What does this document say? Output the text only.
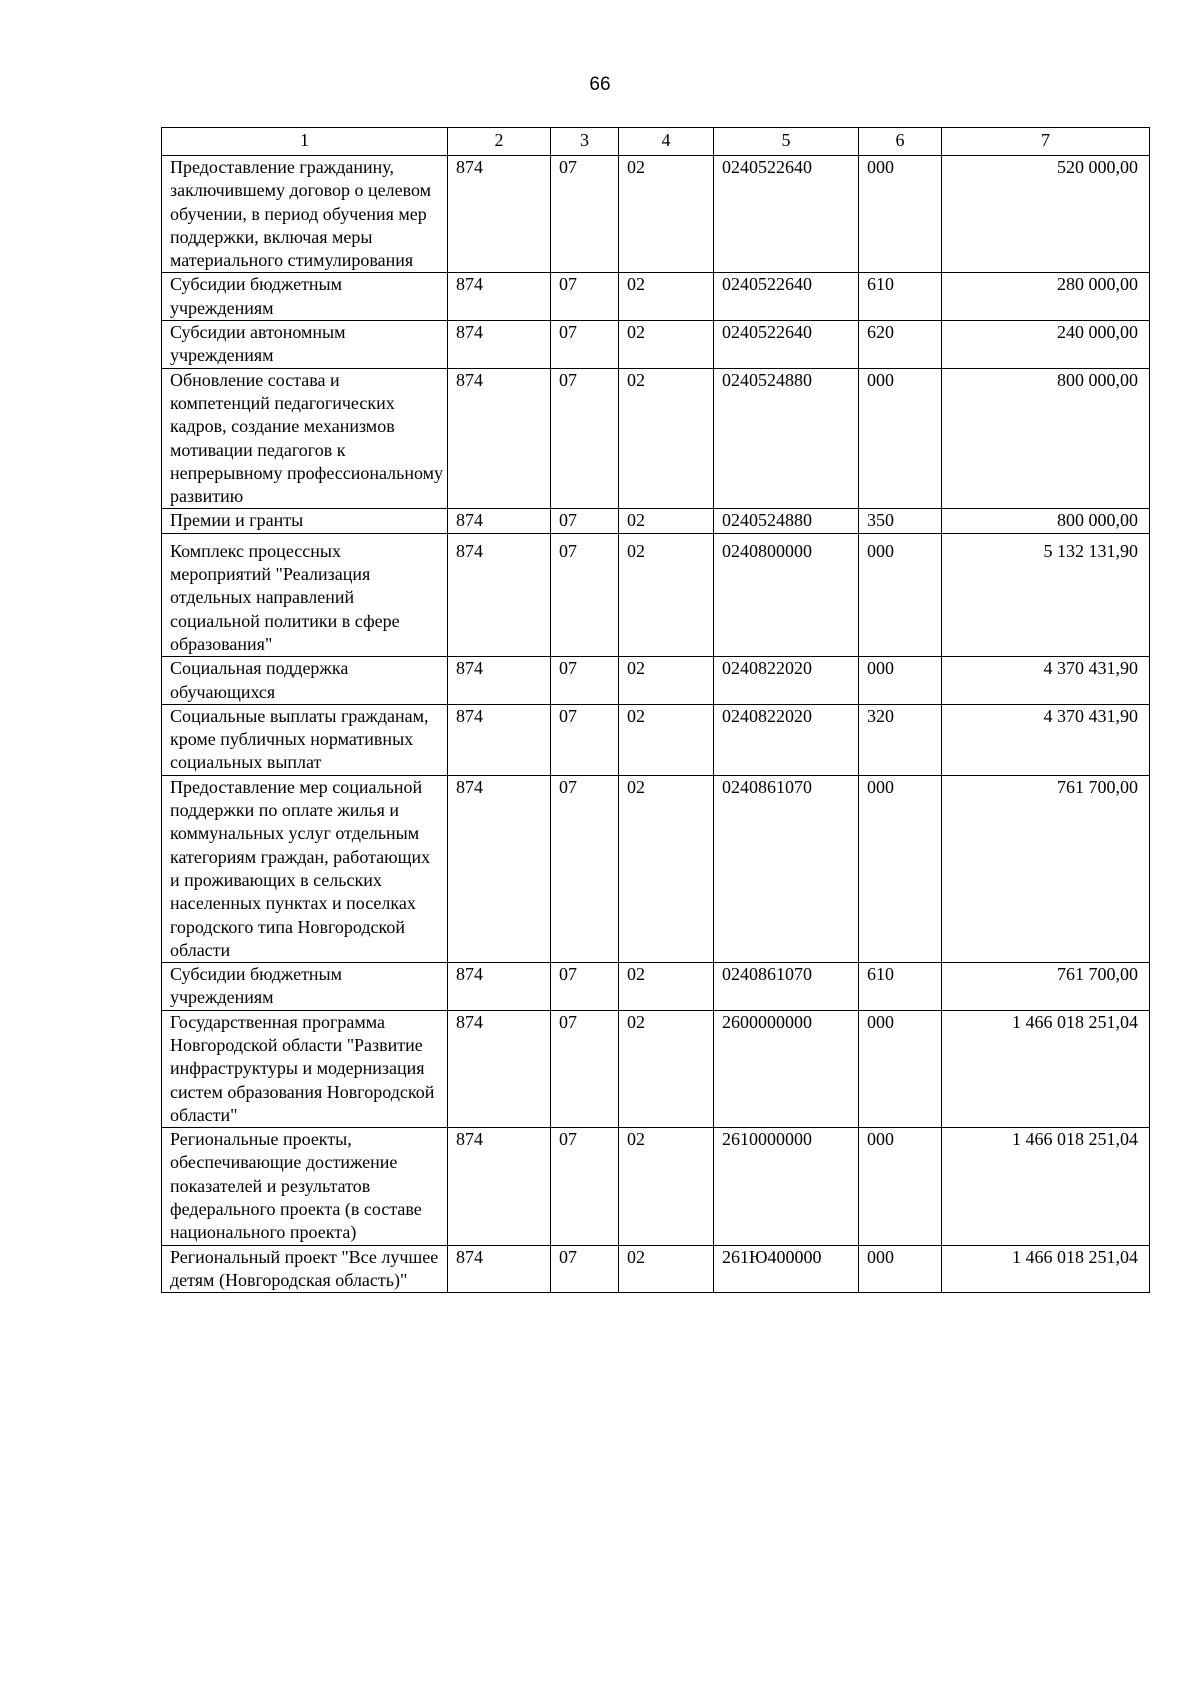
66
1	2	3	4	5	6	7
Предоставление гражданину, заключившему договор о целевом обучении, в период обучения мер поддержки, включая меры материального стимулирования	874	07	02	0240522640	000	520 000,00
Субсидии бюджетным учреждениям	874	07	02	0240522640	610	280 000,00
Субсидии автономным учреждениям	874	07	02	0240522640	620	240 000,00
Обновление состава и компетенций педагогических кадров, создание механизмов мотивации педагогов к непрерывному профессиональному развитию	874	07	02	0240524880	000	800 000,00
Премии и гранты	874	07	02	0240524880	350	800 000,00
Комплекс процессных мероприятий "Реализация отдельных направлений социальной политики в сфере образования"	874	07	02	0240800000	000	5 132 131,90
Социальная поддержка обучающихся	874	07	02	0240822020	000	4 370 431,90
Социальные выплаты гражданам, кроме публичных нормативных социальных выплат	874	07	02	0240822020	320	4 370 431,90
Предоставление мер социальной поддержки по оплате жилья и коммунальных услуг отдельным категориям граждан, работающих и проживающих в сельских населенных пунктах и поселках городского типа Новгородской области	874	07	02	0240861070	000	761 700,00
Субсидии бюджетным учреждениям	874	07	02	0240861070	610	761 700,00
Государственная программа Новгородской области "Развитие инфраструктуры и модернизация систем образования Новгородской области"	874	07	02	2600000000	000	1 466 018 251,04
Региональные проекты, обеспечивающие достижение показателей и результатов федерального проекта (в составе национального проекта)	874	07	02	2610000000	000	1 466 018 251,04
Региональный проект "Все лучшее детям (Новгородская область)"	874	07	02	261Ю400000	000	1 466 018 251,04
